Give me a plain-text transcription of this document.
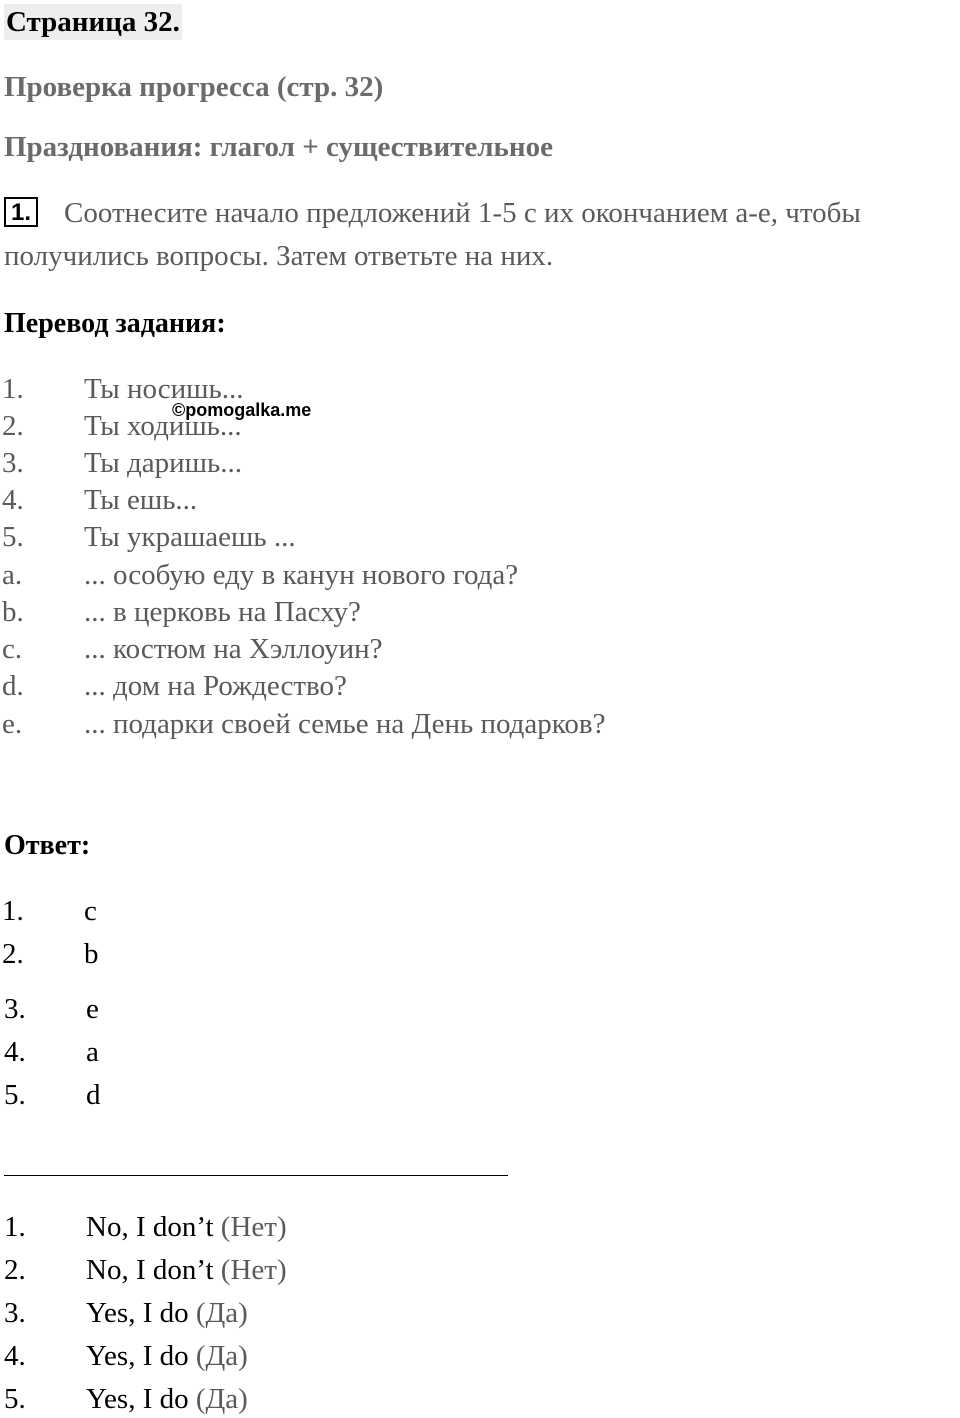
Страница 32.
Проверка прогресса (стр. 32)
Празднования: глагол + существительное
1. Соотнесите начало предложений 1-5 с их окончанием a-e, чтобы
получились вопросы. Затем ответьте на них.
Перевод задания:
1. Ты носишь...
2. Ты ходишь...
3. Ты даришь...
4. Ты ешь...
5. Ты украшаешь ...
a. ... особую еду в канун нового года?
b. ... в церковь на Пасху?
c. ... костюм на Хэллоуин?
d. ... дом на Рождество?
e. ... подарки своей семье на День подарков?
©pomogalka.me
Ответ:
1. c
2. b
3. e
4. a
5. d
1. No, I don’t (Нет)
2. No, I don’t (Нет)
3. Yes, I do (Да)
4. Yes, I do (Да)
5. Yes, I do (Да)
